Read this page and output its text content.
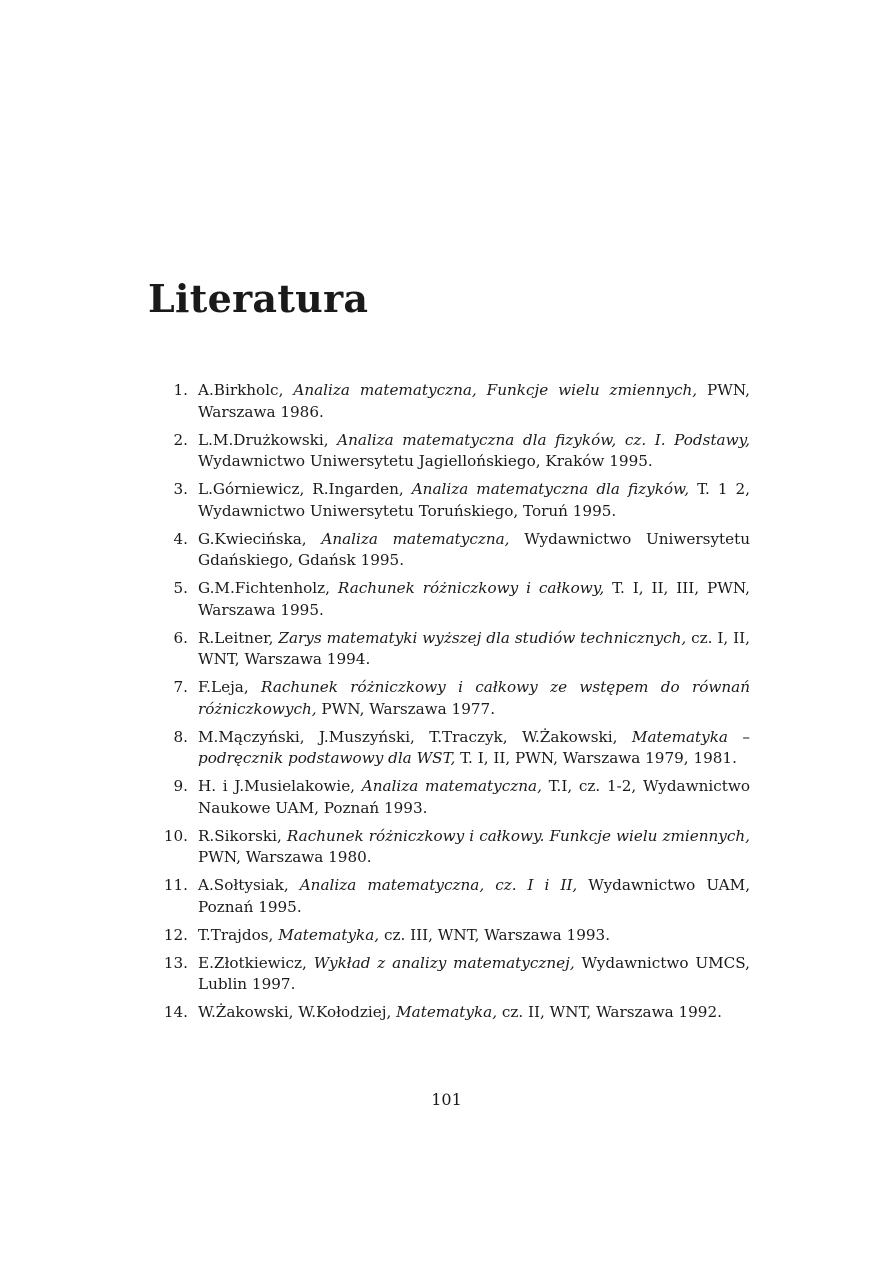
Literatura
1. A.Birkholc, Analiza matematyczna, Funkcje wielu zmiennych, PWN, Warszawa 1986.
2. L.M.Drużkowski, Analiza matematyczna dla fizyków, cz. I. Podstawy, Wydawnictwo Uniwersytetu Jagiellońskiego, Kraków 1995.
3. L.Górniewicz, R.Ingarden, Analiza matematyczna dla fizyków, T. 1 2, Wydawnictwo Uniwersytetu Toruńskiego, Toruń 1995.
4. G.Kwiecińska, Analiza matematyczna, Wydawnictwo Uniwersytetu Gdańskiego, Gdańsk 1995.
5. G.M.Fichtenholz, Rachunek różniczkowy i całkowy, T. I, II, III, PWN, Warszawa 1995.
6. R.Leitner, Zarys matematyki wyższej dla studiów technicznych, cz. I, II, WNT, Warszawa 1994.
7. F.Leja, Rachunek różniczkowy i całkowy ze wstępem do równań różniczkowych, PWN, Warszawa 1977.
8. M.Mączyński, J.Muszyński, T.Traczyk, W.Żakowski, Matematyka – podręcznik podstawowy dla WST, T. I, II, PWN, Warszawa 1979, 1981.
9. H. i J.Musielakowie, Analiza matematyczna, T.I, cz. 1-2, Wydawnictwo Naukowe UAM, Poznań 1993.
10. R.Sikorski, Rachunek różniczkowy i całkowy. Funkcje wielu zmiennych, PWN, Warszawa 1980.
11. A.Sołtysiak, Analiza matematyczna, cz. I i II, Wydawnictwo UAM, Poznań 1995.
12. T.Trajdos, Matematyka, cz. III, WNT, Warszawa 1993.
13. E.Złotkiewicz, Wykład z analizy matematycznej, Wydawnictwo UMCS, Lublin 1997.
14. W.Żakowski, W.Kołodziej, Matematyka, cz. II, WNT, Warszawa 1992.
101
